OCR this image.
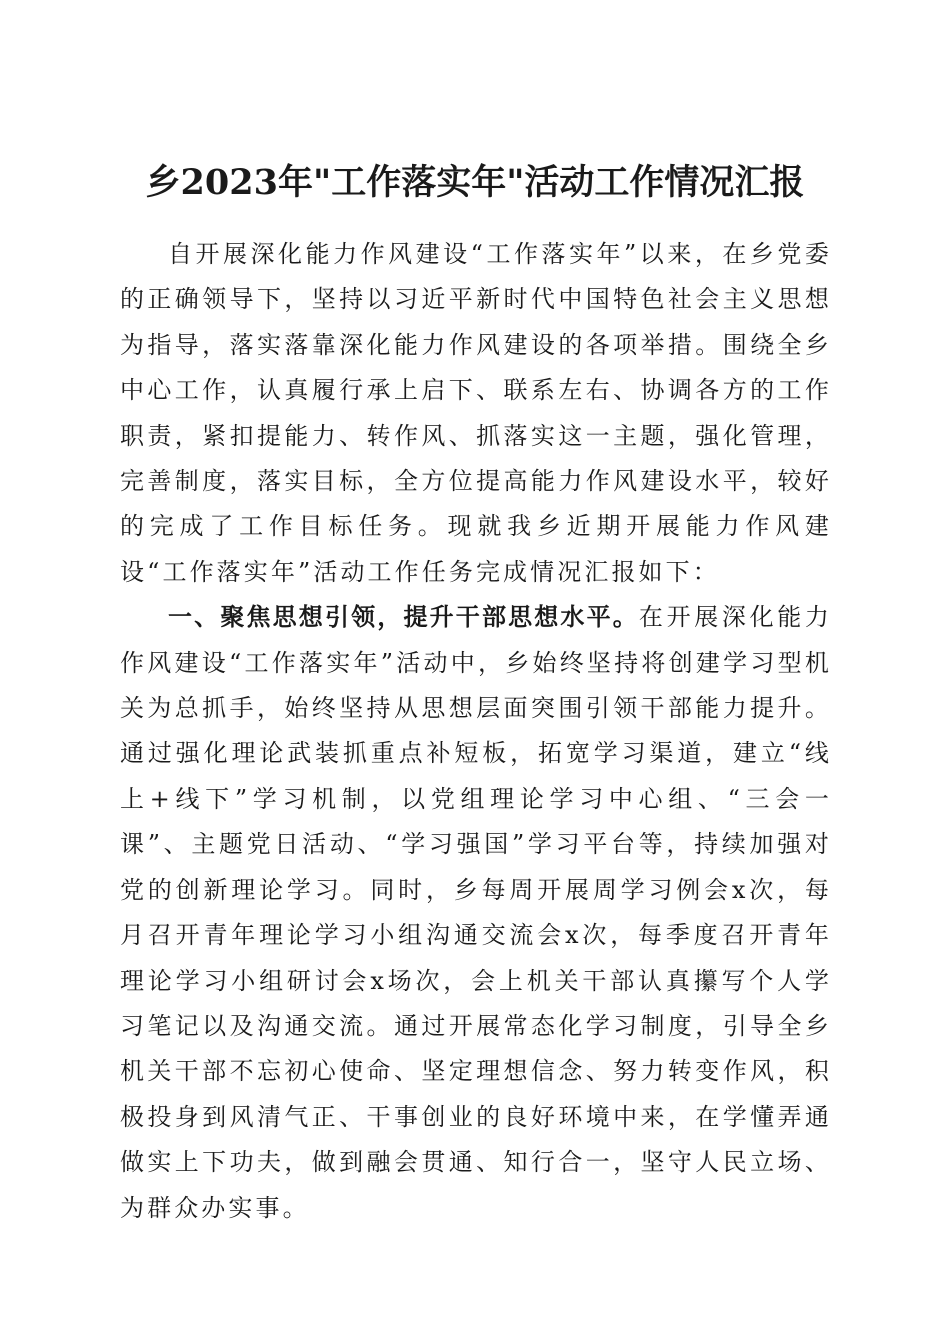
乡2023年"工作落实年"活动工作情况汇报

自开展深化能力作风建设“工作落实年”以来，在乡党委的正确领导下，坚持以习近平新时代中国特色社会主义思想为指导，落实落靠深化能力作风建设的各项举措。围绕全乡中心工作，认真履行承上启下、联系左右、协调各方的工作职责，紧扣提能力、转作风、抓落实这一主题，强化管理，完善制度，落实目标，全方位提高能力作风建设水平，较好的完成了工作目标任务。现就我乡近期开展能力作风建设“工作落实年”活动工作任务完成情况汇报如下：

一、聚焦思想引领，提升干部思想水平。在开展深化能力作风建设“工作落实年”活动中，乡始终坚持将创建学习型机关为总抓手，始终坚持从思想层面突围引领干部能力提升。通过强化理论武装抓重点补短板，拓宽学习渠道，建立“线上+线下”学习机制，以党组理论学习中心组、“三会一课”、主题党日活动、“学习强国”学习平台等，持续加强对党的创新理论学习。同时，乡每周开展周学习例会x次，每月召开青年理论学习小组沟通交流会x次，每季度召开青年理论学习小组研讨会x场次，会上机关干部认真攥写个人学习笔记以及沟通交流。通过开展常态化学习制度，引导全乡机关干部不忘初心使命、坚定理想信念、努力转变作风，积极投身到风清气正、干事创业的良好环境中来，在学懂弄通做实上下功夫，做到融会贯通、知行合一，坚守人民立场、为群众办实事。
